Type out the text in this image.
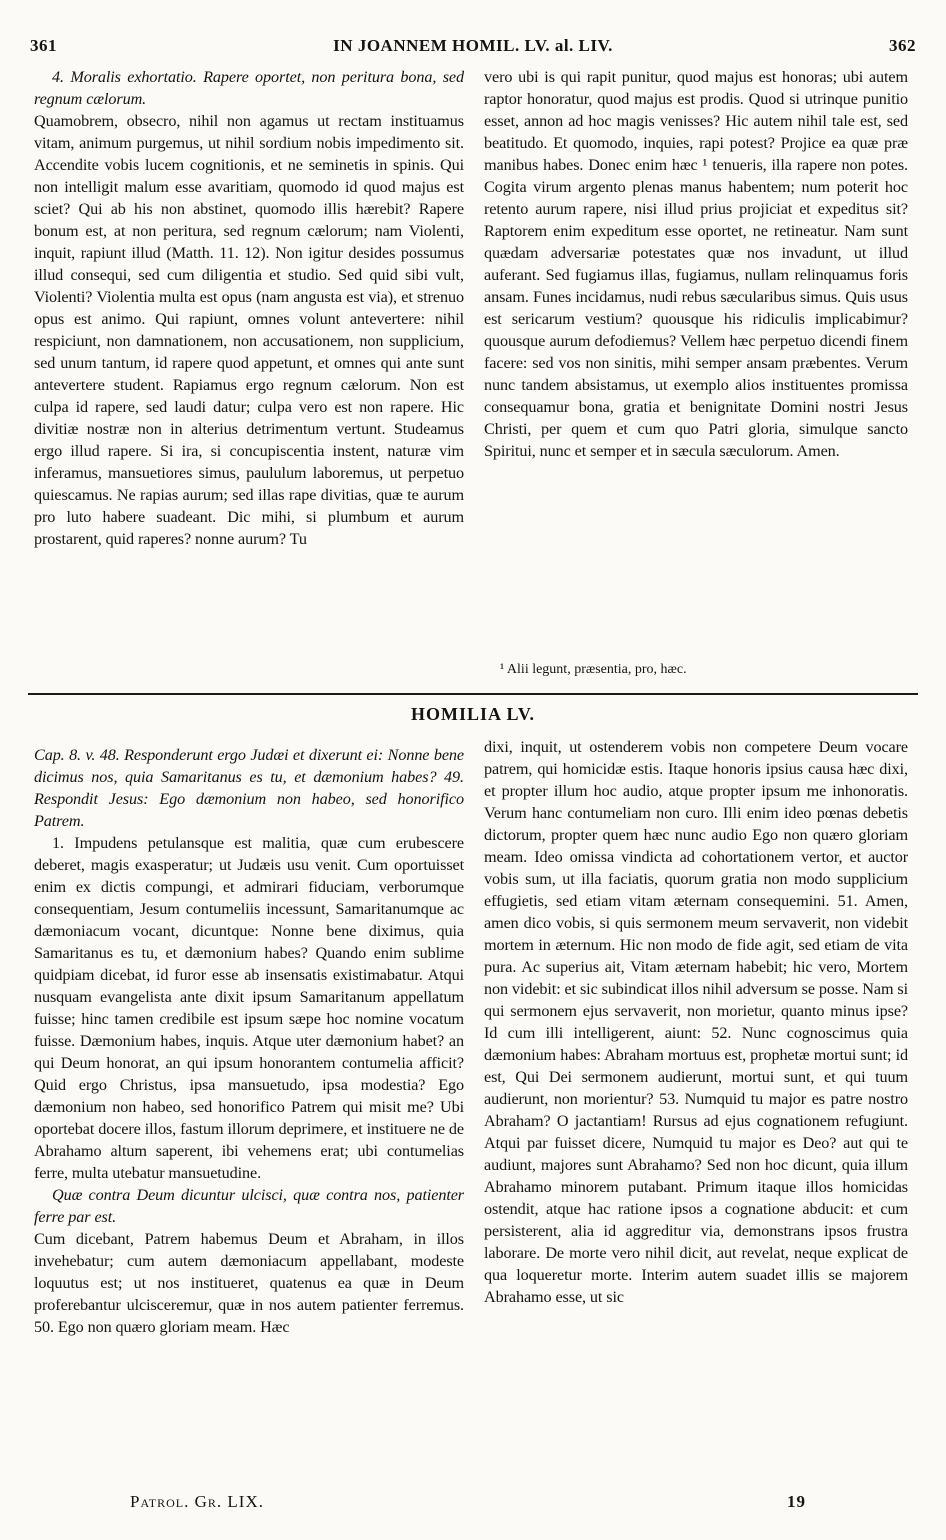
361	IN JOANNEM HOMIL. LV. al. LIV.	362

4. Moralis exhortatio. Rapere oportet, non peritura bona, sed regnum cælorum.

Quamobrem, obsecro, nihil non agamus ut rectam instituamus vitam, animum purgemus, ut nihil sordium nobis impedimento sit. Accendite vobis lucem cognitionis, et ne seminetis in spinis. Qui non intelligit malum esse avaritiam, quomodo id quod majus est sciet? Qui ab his non abstinet, quomodo illis hærebit? Rapere bonum est, at non peritura, sed regnum cælorum; nam Violenti, inquit, rapiunt illud (Matth. 11. 12). Non igitur desides possumus illud consequi, sed cum diligentia et studio. Sed quid sibi vult, Violenti? Violentia multa est opus (nam angusta est via), et strenuo opus est animo. Qui rapiunt, omnes volunt antevertere: nihil respiciunt, non damnationem, non accusationem, non supplicium, sed unum tantum, id rapere quod appetunt, et omnes qui ante sunt antevertere student. Rapiamus ergo regnum cælorum. Non est culpa id rapere, sed laudi datur; culpa vero est non rapere. Hic divitiæ nostræ non in alterius detrimentum vertunt. Studeamus ergo illud rapere. Si ira, si concupiscentia instent, naturæ vim inferamus, mansuetiores simus, paululum laboremus, ut perpetuo quiescamus. Ne rapias aurum; sed illas rape divitias, quæ te aurum pro luto habere suadeant. Dic mihi, si plumbum et aurum prostarent, quid raperes? nonne aurum? Tu

vero ubi is qui rapit punitur, quod majus est honoras; ubi autem raptor honoratur, quod majus est prodis. Quod si utrinque punitio esset, annon ad hoc magis venisses? Hic autem nihil tale est, sed beatitudo. Et quomodo, inquies, rapi potest? Projice ea quæ præ manibus habes. Donec enim hæc ¹ tenueris, illa rapere non potes. Cogita virum argento plenas manus habentem; num poterit hoc retento aurum rapere, nisi illud prius projiciat et expeditus sit? Raptorem enim expeditum esse oportet, ne retineatur. Nam sunt quædam adversariæ potestates quæ nos invadunt, ut illud auferant. Sed fugiamus illas, fugiamus, nullam relinquamus foris ansam. Funes incidamus, nudi rebus sæcularibus simus. Quis usus est sericarum vestium? quousque his ridiculis implicabimur? quousque aurum defodiemus? Vellem hæc perpetuo dicendi finem facere: sed vos non sinitis, mihi semper ansam præbentes. Verum nunc tandem absistamus, ut exemplo alios instituentes promissa consequamur bona, gratia et benignitate Domini nostri Jesus Christi, per quem et cum quo Patri gloria, simulque sancto Spiritui, nunc et semper et in sæcula sæculorum. Amen.

¹ Alii legunt, præsentia, pro, hæc.
HOMILIA LV.

Cap. 8. v. 48. Responderunt ergo Judæi et dixerunt ei: Nonne bene dicimus nos, quia Samaritanus es tu, et dæmonium habes? 49. Respondit Jesus: Ego dæmonium non habeo, sed honorifico Patrem.

1. Impudens petulansque est malitia, quæ cum erubescere deberet, magis exasperatur; ut Judæis usu venit. Cum oportuisset enim ex dictis compungi, et admirari fiduciam, verborumque consequentiam, Jesum contumeliis incessunt, Samaritanumque ac dæmoniacum vocant, dicuntque: Nonne bene diximus, quia Samaritanus es tu, et dæmonium habes? Quando enim sublime quidpiam dicebat, id furor esse ab insensatis existimabatur. Atqui nusquam evangelista ante dixit ipsum Samaritanum appellatum fuisse; hinc tamen credibile est ipsum sæpe hoc nomine vocatum fuisse. Dæmonium habes, inquis. Atque uter dæmonium habet? an qui Deum honorat, an qui ipsum honorantem contumelia afficit? Quid ergo Christus, ipsa mansuetudo, ipsa modestia? Ego dæmonium non habeo, sed honorifico Patrem qui misit me? Ubi oportebat docere illos, fastum illorum deprimere, et instituere ne de Abrahamo altum saperent, ibi vehemens erat; ubi contumelias ferre, multa utebatur mansuetudine.

Quæ contra Deum dicuntur ulcisci, quæ contra nos, patienter ferre par est.

Cum dicebant, Patrem habemus Deum et Abraham, in illos invehebatur; cum autem dæmoniacum appellabant, modeste loquutus est; ut nos institueret, quatenus ea quæ in Deum proferebantur ulcisceremur, quæ in nos autem patienter ferremus. 50. Ego non quæro gloriam meam. Hæc

dixi, inquit, ut ostenderem vobis non competere Deum vocare patrem, qui homicidæ estis. Itaque honoris ipsius causa hæc dixi, et propter illum hoc audio, atque propter ipsum me inhonoratis. Verum hanc contumeliam non curo. Illi enim ideo pœnas debetis dictorum, propter quem hæc nunc audio Ego non quæro gloriam meam. Ideo omissa vindicta ad cohortationem vertor, et auctor vobis sum, ut illa faciatis, quorum gratia non modo supplicium effugietis, sed etiam vitam æternam consequemini. 51. Amen, amen dico vobis, si quis sermonem meum servaverit, non videbit mortem in æternum. Hic non modo de fide agit, sed etiam de vita pura. Ac superius ait, Vitam æternam habebit; hic vero, Mortem non videbit: et sic subindicat illos nihil adversum se posse. Nam si qui sermonem ejus servaverit, non morietur, quanto minus ipse? Id cum illi intelligerent, aiunt: 52. Nunc cognoscimus quia dæmonium habes: Abraham mortuus est, prophetæ mortui sunt; id est, Qui Dei sermonem audierunt, mortui sunt, et qui tuum audierunt, non morientur? 53. Numquid tu major es patre nostro Abraham? O jactantiam! Rursus ad ejus cognationem refugiunt. Atqui par fuisset dicere, Numquid tu major es Deo? aut qui te audiunt, majores sunt Abrahamo? Sed non hoc dicunt, quia illum Abrahamo minorem putabant. Primum itaque illos homicidas ostendit, atque hac ratione ipsos a cognatione abducit: et cum persisterent, alia id aggreditur via, demonstrans ipsos frustra laborare. De morte vero nihil dicit, aut revelat, neque explicat de qua loqueretur morte. Interim autem suadet illis se majorem Abrahamo esse, ut sic

Patrol. Gr. LIX.	19
